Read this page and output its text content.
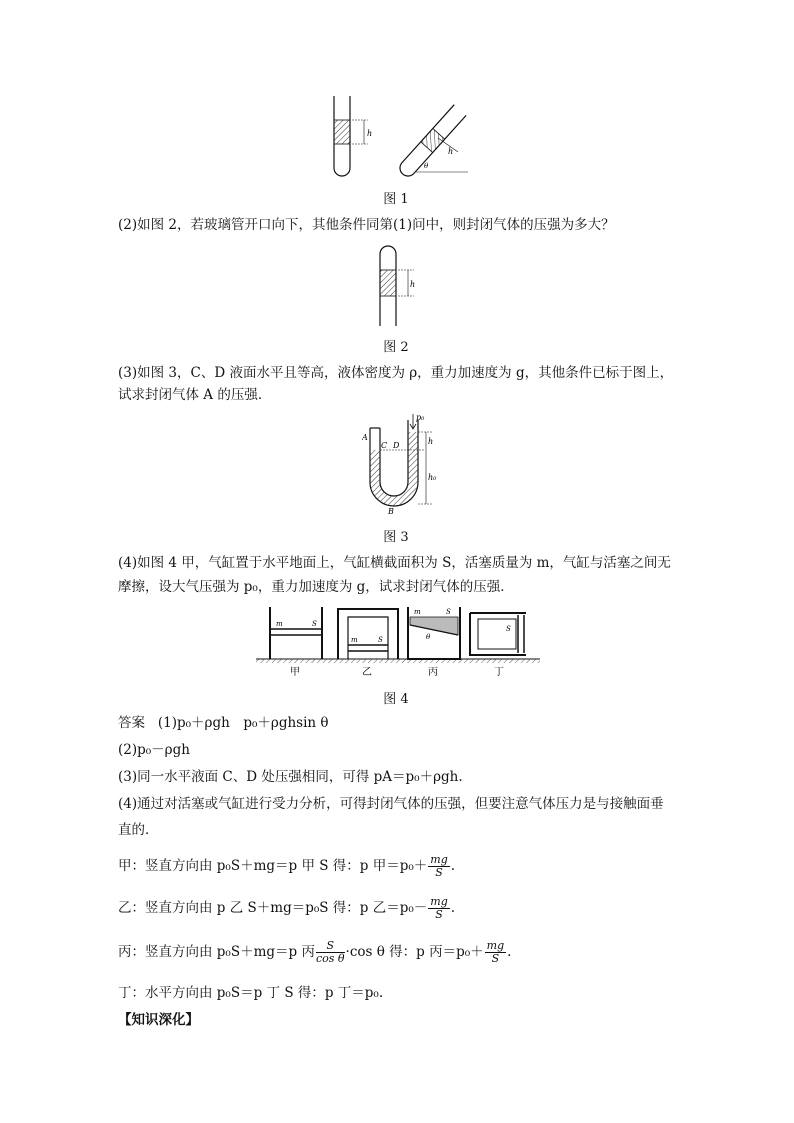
h
θ
h
图 1
(2)如图 2，若玻璃管开口向下，其他条件同第(1)问中，则封闭气体的压强为多大？
h
图 2
(3)如图 3，C、D 液面水平且等高，液体密度为 ρ，重力加速度为 g，其他条件已标于图上，
试求封闭气体 A 的压强．
p₀
A
C D	h
h₀
B
图 3
(4)如图 4 甲，气缸置于水平地面上，气缸横截面积为 S，活塞质量为 m，气缸与活塞之间无
摩擦，设大气压强为 p₀，重力加速度为 g，试求封闭气体的压强．
m	S
甲
m	S
乙
m	S
θ
丙
S
丁
图 4
答案 (1)p₀＋ρgh　p₀＋ρghsin θ
(2)p₀－ρgh
(3)同一水平液面 C、D 处压强相同，可得 pA＝p₀＋ρgh.
(4)通过对活塞或气缸进行受力分析，可得封闭气体的压强，但要注意气体压力是与接触面垂
直的．
甲：竖直方向由 p₀S＋mg＝p 甲 S 得：p 甲$=p_0+ \frac{mg}{S}$ .
乙：竖直方向由 p 乙 S＋mg＝p₀S 得：p 乙$=p_0- \frac{mg}{S}$ .
丙：竖直方向由 p₀S＋mg＝p 丙 $\frac{S}{\text{cos θ}} \cdot\cos$ θ 得：p 丙$=p_0+ \frac{mg}{S}$ .
丁：水平方向由 p₀S＝p 丁 S 得：p 丁＝p₀.
【知识深化】
